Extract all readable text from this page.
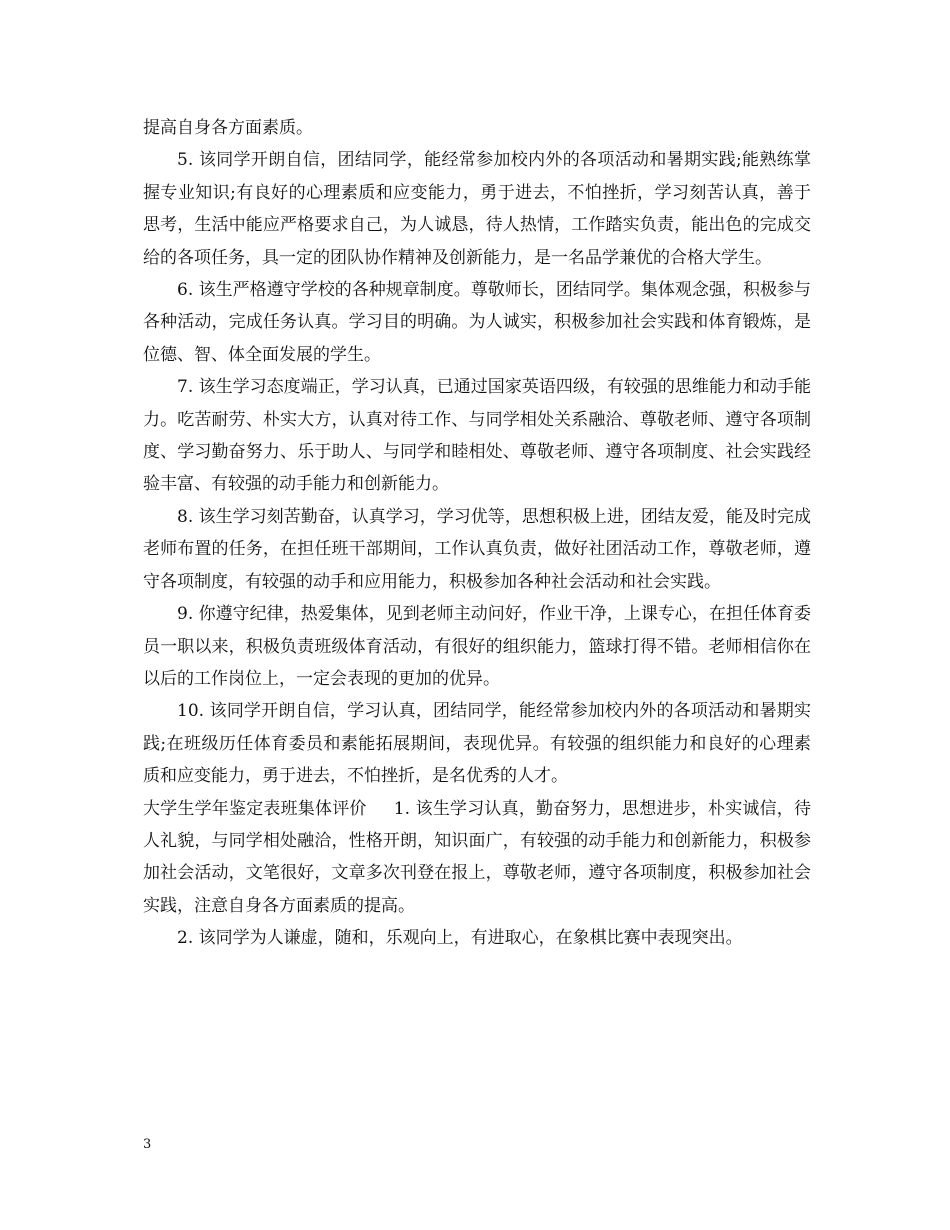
提高自身各方面素质。

5. 该同学开朗自信，团结同学，能经常参加校内外的各项活动和暑期实践;能熟练掌握专业知识;有良好的心理素质和应变能力，勇于进去，不怕挫折，学习刻苦认真，善于思考，生活中能应严格要求自己，为人诚恳，待人热情，工作踏实负责，能出色的完成交给的各项任务，具一定的团队协作精神及创新能力，是一名品学兼优的合格大学生。

6. 该生严格遵守学校的各种规章制度。尊敬师长，团结同学。集体观念强，积极参与各种活动，完成任务认真。学习目的明确。为人诚实，积极参加社会实践和体育锻炼，是位德、智、体全面发展的学生。

7. 该生学习态度端正，学习认真，已通过国家英语四级，有较强的思维能力和动手能力。吃苦耐劳、朴实大方，认真对待工作、与同学相处关系融洽、尊敬老师、遵守各项制度、学习勤奋努力、乐于助人、与同学和睦相处、尊敬老师、遵守各项制度、社会实践经验丰富、有较强的动手能力和创新能力。

8. 该生学习刻苦勤奋，认真学习，学习优等，思想积极上进，团结友爱，能及时完成老师布置的任务，在担任班干部期间，工作认真负责，做好社团活动工作，尊敬老师，遵守各项制度，有较强的动手和应用能力，积极参加各种社会活动和社会实践。

9. 你遵守纪律，热爱集体，见到老师主动问好，作业干净，上课专心，在担任体育委员一职以来，积极负责班级体育活动，有很好的组织能力，篮球打得不错。老师相信你在以后的工作岗位上，一定会表现的更加的优异。

10. 该同学开朗自信，学习认真，团结同学，能经常参加校内外的各项活动和暑期实践;在班级历任体育委员和素能拓展期间，表现优异。有较强的组织能力和良好的心理素质和应变能力，勇于进去，不怕挫折，是名优秀的人才。

大学生学年鉴定表班集体评价 1. 该生学习认真，勤奋努力，思想进步，朴实诚信，待人礼貌，与同学相处融洽，性格开朗，知识面广，有较强的动手能力和创新能力，积极参加社会活动，文笔很好，文章多次刊登在报上，尊敬老师，遵守各项制度，积极参加社会实践，注意自身各方面素质的提高。

2. 该同学为人谦虚，随和，乐观向上，有进取心，在象棋比赛中表现突出。

3
